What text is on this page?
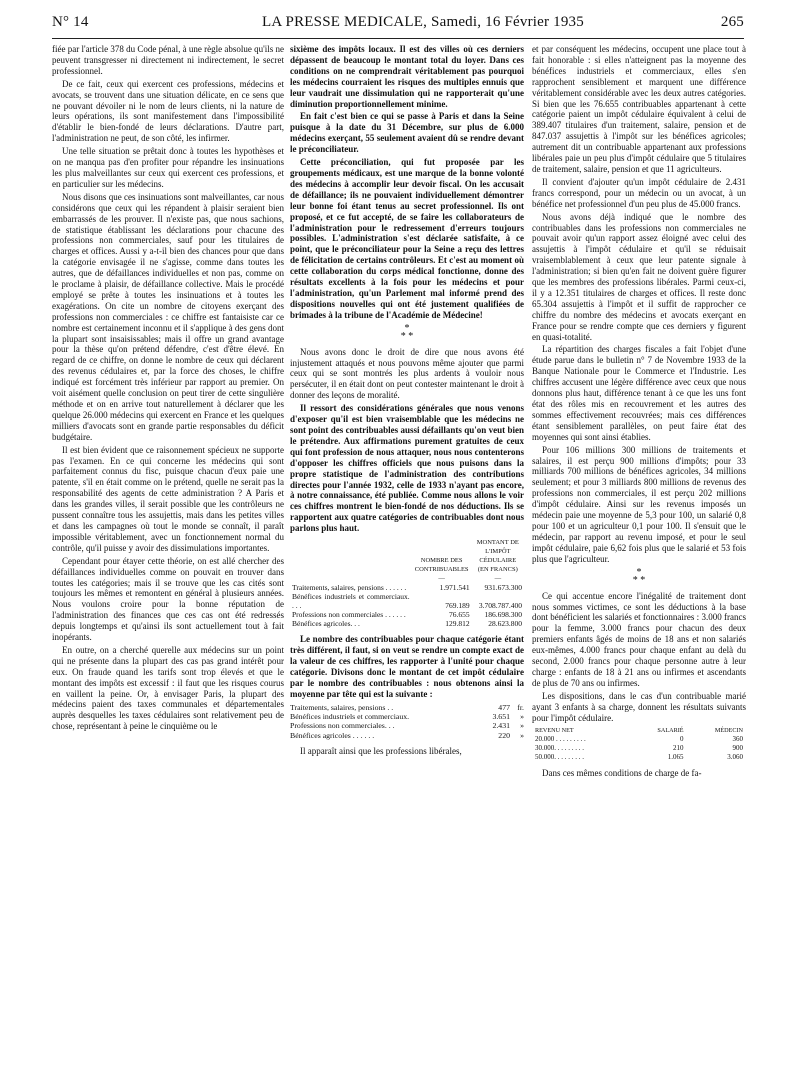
N° 14	LA PRESSE MEDICALE, Samedi, 16 Février 1935	265

fiée par l'article 378 du Code pénal, à une règle absolue qu'ils ne peuvent transgresser ni directement ni indirectement, le secret professionnel.

De ce fait, ceux qui exercent ces professions, médecins et avocats, se trouvent dans une situation délicate, en ce sens que ne pouvant dévoiler ni le nom de leurs clients, ni la nature de leurs opérations, ils sont manifestement dans l'impossibilité d'établir le bien-fondé de leurs déclarations. D'autre part, l'administration ne peut, de son côté, les infirmer.

Une telle situation se prêtait donc à toutes les hypothèses et on ne manqua pas d'en profiter pour répandre les insinuations les plus malveillantes sur ceux qui exercent ces professions, et en particulier sur les médecins.

Nous disons que ces insinuations sont malveillantes, car nous considérons que ceux qui les répandent à plaisir seraient bien embarrassés de les prouver. Il n'existe pas, que nous sachions, de statistique établissant les déclarations pour chacune des professions non commerciales, sauf pour les titulaires de charges et offices. Aussi y a-t-il bien des chances pour que dans la catégorie envisagée il ne s'agisse, comme dans toutes les autres, que de défaillances individuelles et non pas, comme on le proclame à plaisir, de défaillance collective. Mais le procédé employé se prête à toutes les insinuations et à toutes les exagérations. On cite un nombre de citoyens exerçant des professions non commerciales : ce chiffre est fantaisiste car ce nombre est certainement inconnu et il s'applique à des gens dont la plupart sont insaisissables; mais il offre un grand avantage pour la thèse qu'on prétend défendre, c'est d'être élevé. En regard de ce chiffre, on donne le nombre de ceux qui déclarent des revenus cédulaires et, par la force des choses, le chiffre indiqué est forcément très inférieur par rapport au premier. On voit aisément quelle conclusion on peut tirer de cette singulière méthode et on en arrive tout naturellement à déclarer que les quelque 26.000 médecins qui exercent en France et les quelques milliers d'avocats sont en grande partie responsables du déficit budgétaire.

Il est bien évident que ce raisonnement spécieux ne supporte pas l'examen. En ce qui concerne les médecins qui sont parfaitement connus du fisc, puisque chacun d'eux paie une patente, s'il en était comme on le prétend, quelle ne serait pas la responsabilité des agents de cette administration ? A Paris et dans les grandes villes, il serait possible que les contrôleurs ne pussent connaître tous les assujettis, mais dans les petites villes et dans les campagnes où tout le monde se connaît, il paraît impossible véritablement, avec un fonctionnement normal du contrôle, qu'il puisse y avoir des dissimulations importantes.

Cependant pour étayer cette théorie, on est allé chercher des défaillances individuelles comme on pouvait en trouver dans toutes les catégories; mais il se trouve que les cas cités sont toujours les mêmes et remontent en général à plusieurs années. Nous voulons croire pour la bonne réputation de l'administration des finances que ces cas ont été redressés depuis longtemps et qu'ainsi ils sont actuellement tout à fait inopérants.

En outre, on a cherché querelle aux médecins sur un point qui ne présente dans la plupart des cas pas grand intérêt pour eux. On fraude quand les tarifs sont trop élevés et que le montant des impôts est excessif : il faut que les risques courus en vaillent la peine. Or, à envisager Paris, la plupart des médecins paient des taxes communales et départementales auprès desquelles les taxes cédulaires sont relativement peu de chose, représentant à peine le cinquième ou le

sixième des impôts locaux. Il est des villes où ces derniers dépassent de beaucoup le montant total du loyer. Dans ces conditions on ne comprendrait véritablement pas pourquoi les médecins courraient les risques des multiples ennuis que leur vaudrait une dissimulation qui ne rapporterait qu'une diminution proportionnellement minime.

En fait c'est bien ce qui se passe à Paris et dans la Seine puisque à la date du 31 Décembre, sur plus de 6.000 médecins exerçant, 55 seulement avaient dû se rendre devant le préconciliateur.

Cette préconciliation, qui fut proposée par les groupements médicaux, est une marque de la bonne volonté des médecins à accomplir leur devoir fiscal. On les accusait de défaillance; ils ne pouvaient individuellement démontrer leur bonne foi étant tenus au secret professionnel. Ils ont proposé, et ce fut accepté, de se faire les collaborateurs de l'administration pour le redressement d'erreurs toujours possibles. L'administration s'est déclarée satisfaite, à ce point, que le préconciliateur pour la Seine a reçu des lettres de félicitation de certains contrôleurs. Et c'est au moment où cette collaboration du corps médical fonctionne, donne des résultats excellents à la fois pour les médecins et pour l'administration, qu'un Parlement mal informé prend des dispositions nouvelles qui ont été justement qualifiées de brimades à la tribune de l'Académie de Médecine!

*
* *

Nous avons donc le droit de dire que nous avons été injustement attaqués et nous pouvons même ajouter que parmi ceux qui se sont montrés les plus ardents à vouloir nous persécuter, il en était dont on peut contester maintenant le droit à donner des leçons de moralité.

Il ressort des considérations générales que nous venons d'exposer qu'il est bien vraisemblable que les médecins ne sont point des contribuables aussi défaillants qu'on veut bien le prétendre. Aux affirmations purement gratuites de ceux qui font profession de nous attaquer, nous nous contenterons d'opposer les chiffres officiels que nous puisons dans la propre statistique de l'administration des contributions directes pour l'année 1932, celle de 1933 n'ayant pas encore, à notre connaissance, été publiée. Comme nous allons le voir ces chiffres montrent le bien-fondé de nos déductions. Ils se rapportent aux quatre catégories de contribuables dont nous parlons plus haut.

	NOMBRE DES CONTRIBUABLES	MONTANT DE L'IMPÔT CÉDULAIRE (EN FRANCS)
	—	—
Traitements, salaires, pensions . . . . . .	1.971.541	931.673.300
Bénéfices industriels et commerciaux. . . .	769.189	3.708.787.400
Professions non commerciales . . . . . .	76.655	186.698.300
Bénéfices agricoles. . .	129.812	28.623.800

Le nombre des contribuables pour chaque catégorie étant très différent, il faut, si on veut se rendre un compte exact de la valeur de ces chiffres, les rapporter à l'unité pour chaque catégorie. Divisons donc le montant de cet impôt cédulaire par le nombre des contribuables : nous obtenons ainsi la moyenne par tête qui est la suivante :

Traitements, salaires, pensions . .	477 fr.
Bénéfices industriels et commerciaux.	3.651	»
Professions non commerciales. . .	2.431	»
Bénéfices agricoles . . . . . .	220	»

Il apparaît ainsi que les professions libérales,

et par conséquent les médecins, occupent une place tout à fait honorable : si elles n'atteignent pas la moyenne des bénéfices industriels et commerciaux, elles s'en rapprochent sensiblement et marquent une différence véritablement considérable avec les deux autres catégories. Si bien que les 76.655 contribuables appartenant à cette catégorie paient un impôt cédulaire équivalent à celui de 389.407 titulaires d'un traitement, salaire, pension et de 847.037 assujettis à l'impôt sur les bénéfices agricoles; autrement dit un contribuable appartenant aux professions libérales paie un peu plus d'impôt cédulaire que 5 titulaires de traitement, salaire, pension et que 11 agriculteurs.

Il convient d'ajouter qu'un impôt cédulaire de 2.431 francs correspond, pour un médecin ou un avocat, à un bénéfice net professionnel d'un peu plus de 45.000 francs.

Nous avons déjà indiqué que le nombre des contribuables dans les professions non commerciales ne pouvait avoir qu'un rapport assez éloigné avec celui des assujettis à l'impôt cédulaire et qu'il se réduisait vraisemblablement à ceux que leur patente signale à l'administration; si bien qu'en fait ne doivent guère figurer que les membres des professions libérales. Parmi ceux-ci, il y a 12.351 titulaires de charges et offices. Il reste donc 65.304 assujettis à l'impôt et il suffit de rapprocher ce chiffre du nombre des médecins et avocats exerçant en France pour se rendre compte que ces derniers y figurent en quasi-totalité.

La répartition des charges fiscales a fait l'objet d'une étude parue dans le bulletin n° 7 de Novembre 1933 de la Banque Nationale pour le Commerce et l'Industrie. Les chiffres accusent une légère différence avec ceux que nous donnons plus haut, différence tenant à ce que les uns font état des rôles mis en recouvrement et les autres des sommes effectivement recouvrées; mais ces différences étant sensiblement parallèles, on peut faire état des moyennes qui sont ainsi établies.

Pour 106 millions 300 millions de traitements et salaires, il est perçu 900 millions d'impôts; pour 33 milliards 700 millions de bénéfices agricoles, 34 millions seulement; et pour 3 milliards 800 millions de revenus des professions non commerciales, il est perçu 202 millions d'impôt cédulaire. Ainsi sur les revenus imposés un médecin paie une moyenne de 5,3 pour 100, un salarié 0,8 pour 100 et un agriculteur 0,1 pour 100. Il s'ensuit que le médecin, par rapport au revenu imposé, et pour le seul impôt cédulaire, paie 6,62 fois plus que le salarié et 53 fois plus que l'agriculteur.

*
* *

Ce qui accentue encore l'inégalité de traitement dont nous sommes victimes, ce sont les déductions à la base dont bénéficient les salariés et fonctionnaires : 3.000 francs pour la femme, 3.000 francs pour chacun des deux premiers enfants âgés de moins de 18 ans et non salariés eux-mêmes, 4.000 francs pour chaque enfant au delà du second, 2.000 francs pour chaque personne autre à leur charge : enfants de 18 à 21 ans ou infirmes et ascendants de plus de 70 ans ou infirmes.

Les dispositions, dans le cas d'un contribuable marié ayant 3 enfants à sa charge, donnent les résultats suivants pour l'impôt cédulaire.

REVENU NET	SALARIÉ	MÉDECIN
20.000 . . . . . . . . .	0	360
30.000. . . . . . . . .	210	900
50.000. . . . . . . . .	1.065	3.060

Dans ces mêmes conditions de charge de fa-
